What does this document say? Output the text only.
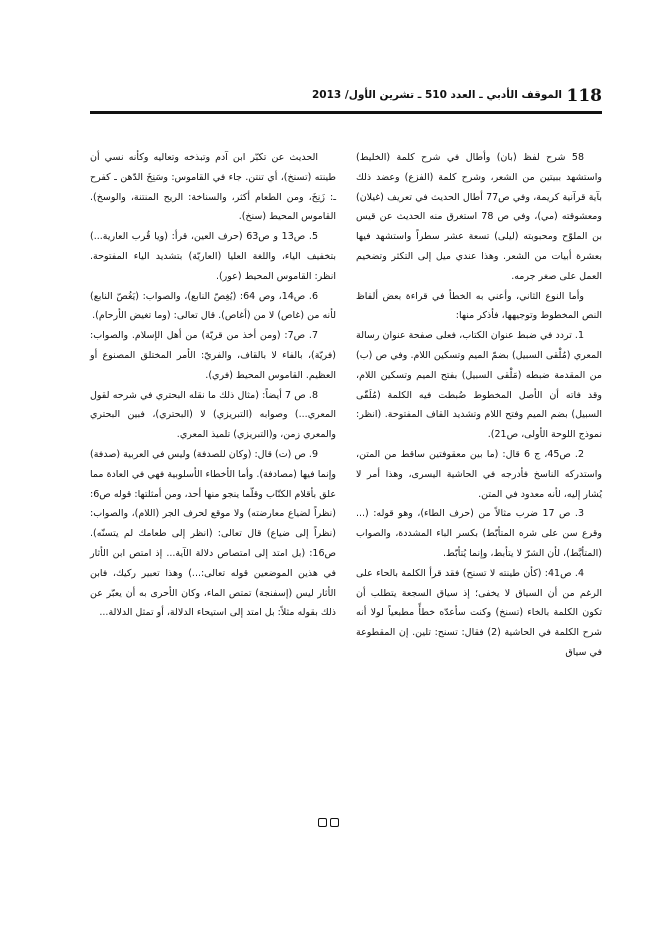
118
الموقف الأدبي ـ العدد 510 ـ تشرين الأول/ 2013

58 شرح لفظ (بان) وأطال في شرح كلمة (الخليط) واستشهد ببيتين من الشعر، وشرح كلمة (الفزع) وعضد ذلك بآية قرآنية كريمة، وفي ص77 أطال الحديث في تعريف (غيلان) ومعشوقته (مي)، وفي ص 78 استغرق منه الحديث عن قيس بن الملوّح ومحبوبته (ليلى) تسعة عشر سطراً واستشهد فيها بعشرة أبيات من الشعر. وهذا عندي ميل إلى التكثر وتضخيم العمل على صغر جرمه.

وأما النوع الثاني، وأعني به الخطأ في قراءة بعض ألفاظ النص المخطوط وتوجيهها، فأذكر منها:

1. تردد في ضبط عنوان الكتاب، فعلى صفحة عنوان رسالة المعري (مُلْقى السبيل) بضمّ الميم وتسكين اللام. وفي ص (ب) من المقدمة ضبطه (مَلْقى السبيل) بفتح الميم وتسكين اللام، وقد فاته أن الأصل المخطوط ضُبطت فيه الكلمة (مُلَقّى السبيل) بضم الميم وفتح اللام وتشديد القاف المفتوحة. (انظر: نموذج اللوحة الأولى، ص21).

2. ص45، ج 6 قال: (ما بين معقوفتين ساقط من المتن، واستدركه الناسخ فأدرجه في الحاشية اليسرى، وهذا أمر لا يُشار إليه، لأنه معدود في المتن.

3. ص 17 ضرب مثالاً من (حرف الطاء)، وهو قوله: (... وقرع سن على شره المتأبّط) بكسر الباء المشددة، والصواب (المتأبَّط)، لأن الشرّ لا يتأبط، وإنما يُتأبّط.

4. ص41: (كأن طينته لا تسنح) فقد قرأ الكلمة بالحاء على الرغم من أن السياق لا يخفى؛ إذ سياق السجعة يتطلب أن تكون الكلمة بالخاء (تسنخ) وكنت سأعدّه خطأً مطبعياً لولا أنه شرح الكلمة في الحاشية (2) فقال: تسنح: تلين. إن المقطوعة في سياق

الحديث عن تكبّر ابن آدم وتبذخه وتعاليه وكأنه نسي أن طينته (تسنخ)، أي تنتن. جاء في القاموس: وسَنِخَ الدّهن ـ كفرح ـ: زَنِخَ، ومن الطعام أكثر، والسناخة: الريح المنتنة، والوسخ). القاموس المحيط (سنخ).

5. ص13 و ص63 (حرف العين، قرأ: (ويا قُرب العارية...) بتخفيف الياء، واللغة العليا (العاريّة) بتشديد الياء المفتوحة. انظر: القاموس المحيط (عور).

6. ص14، وص 64: (يُغِصّ النابع)، والصواب: (يَغُصّ النابع) لأنه من (غاص) لا من (أغاص). قال تعالى: (وما تغيض الأرحام).

7. ص7: (ومن أخذ من قريّة) من أهل الإسلام. والصواب: (فريّة)، بالفاء لا بالقاف، والفريّ: الأمر المختلق المصنوع أو العظيم. القاموس المحيط (فري).

8. ص 7 أيضاً: (مثال ذلك ما نقله البحتري في شرحه لقول المعري...) وصوابه (التبريزي) لا (البحتري)، فبين البحتري والمعري زمن، و(التبريزي) تلميذ المعري.

9. ص (ت) قال: (وكان للصدفة) وليس في العربية (صدفة) وإنما فيها (مصادفة). وأما الأخطاء الأسلوبية فهي في العادة مما علق بأقلام الكتّاب وقلّما ينجو منها أحد، ومن أمثلتها: قوله ص6: (نظراً لضياع معارضته) ولا موقع لحرف الجر (اللام)، والصواب: (نظراً إلى ضياع) قال تعالى: (انظر إلى طعامك لم يتسنّه). ص16: (بل امتد إلى امتصاص دلالة الآية... إذ امتص ابن الأثار في هذين الموضعين قوله تعالى:...) وهذا تعبير ركيك، فابن الأثار ليس (إسفنجة) تمتص الماء، وكان الأحرى به أن يعبّر عن ذلك بقوله مثلاً: بل امتد إلى استيحاء الدلالة، أو تمثل الدلالة...
